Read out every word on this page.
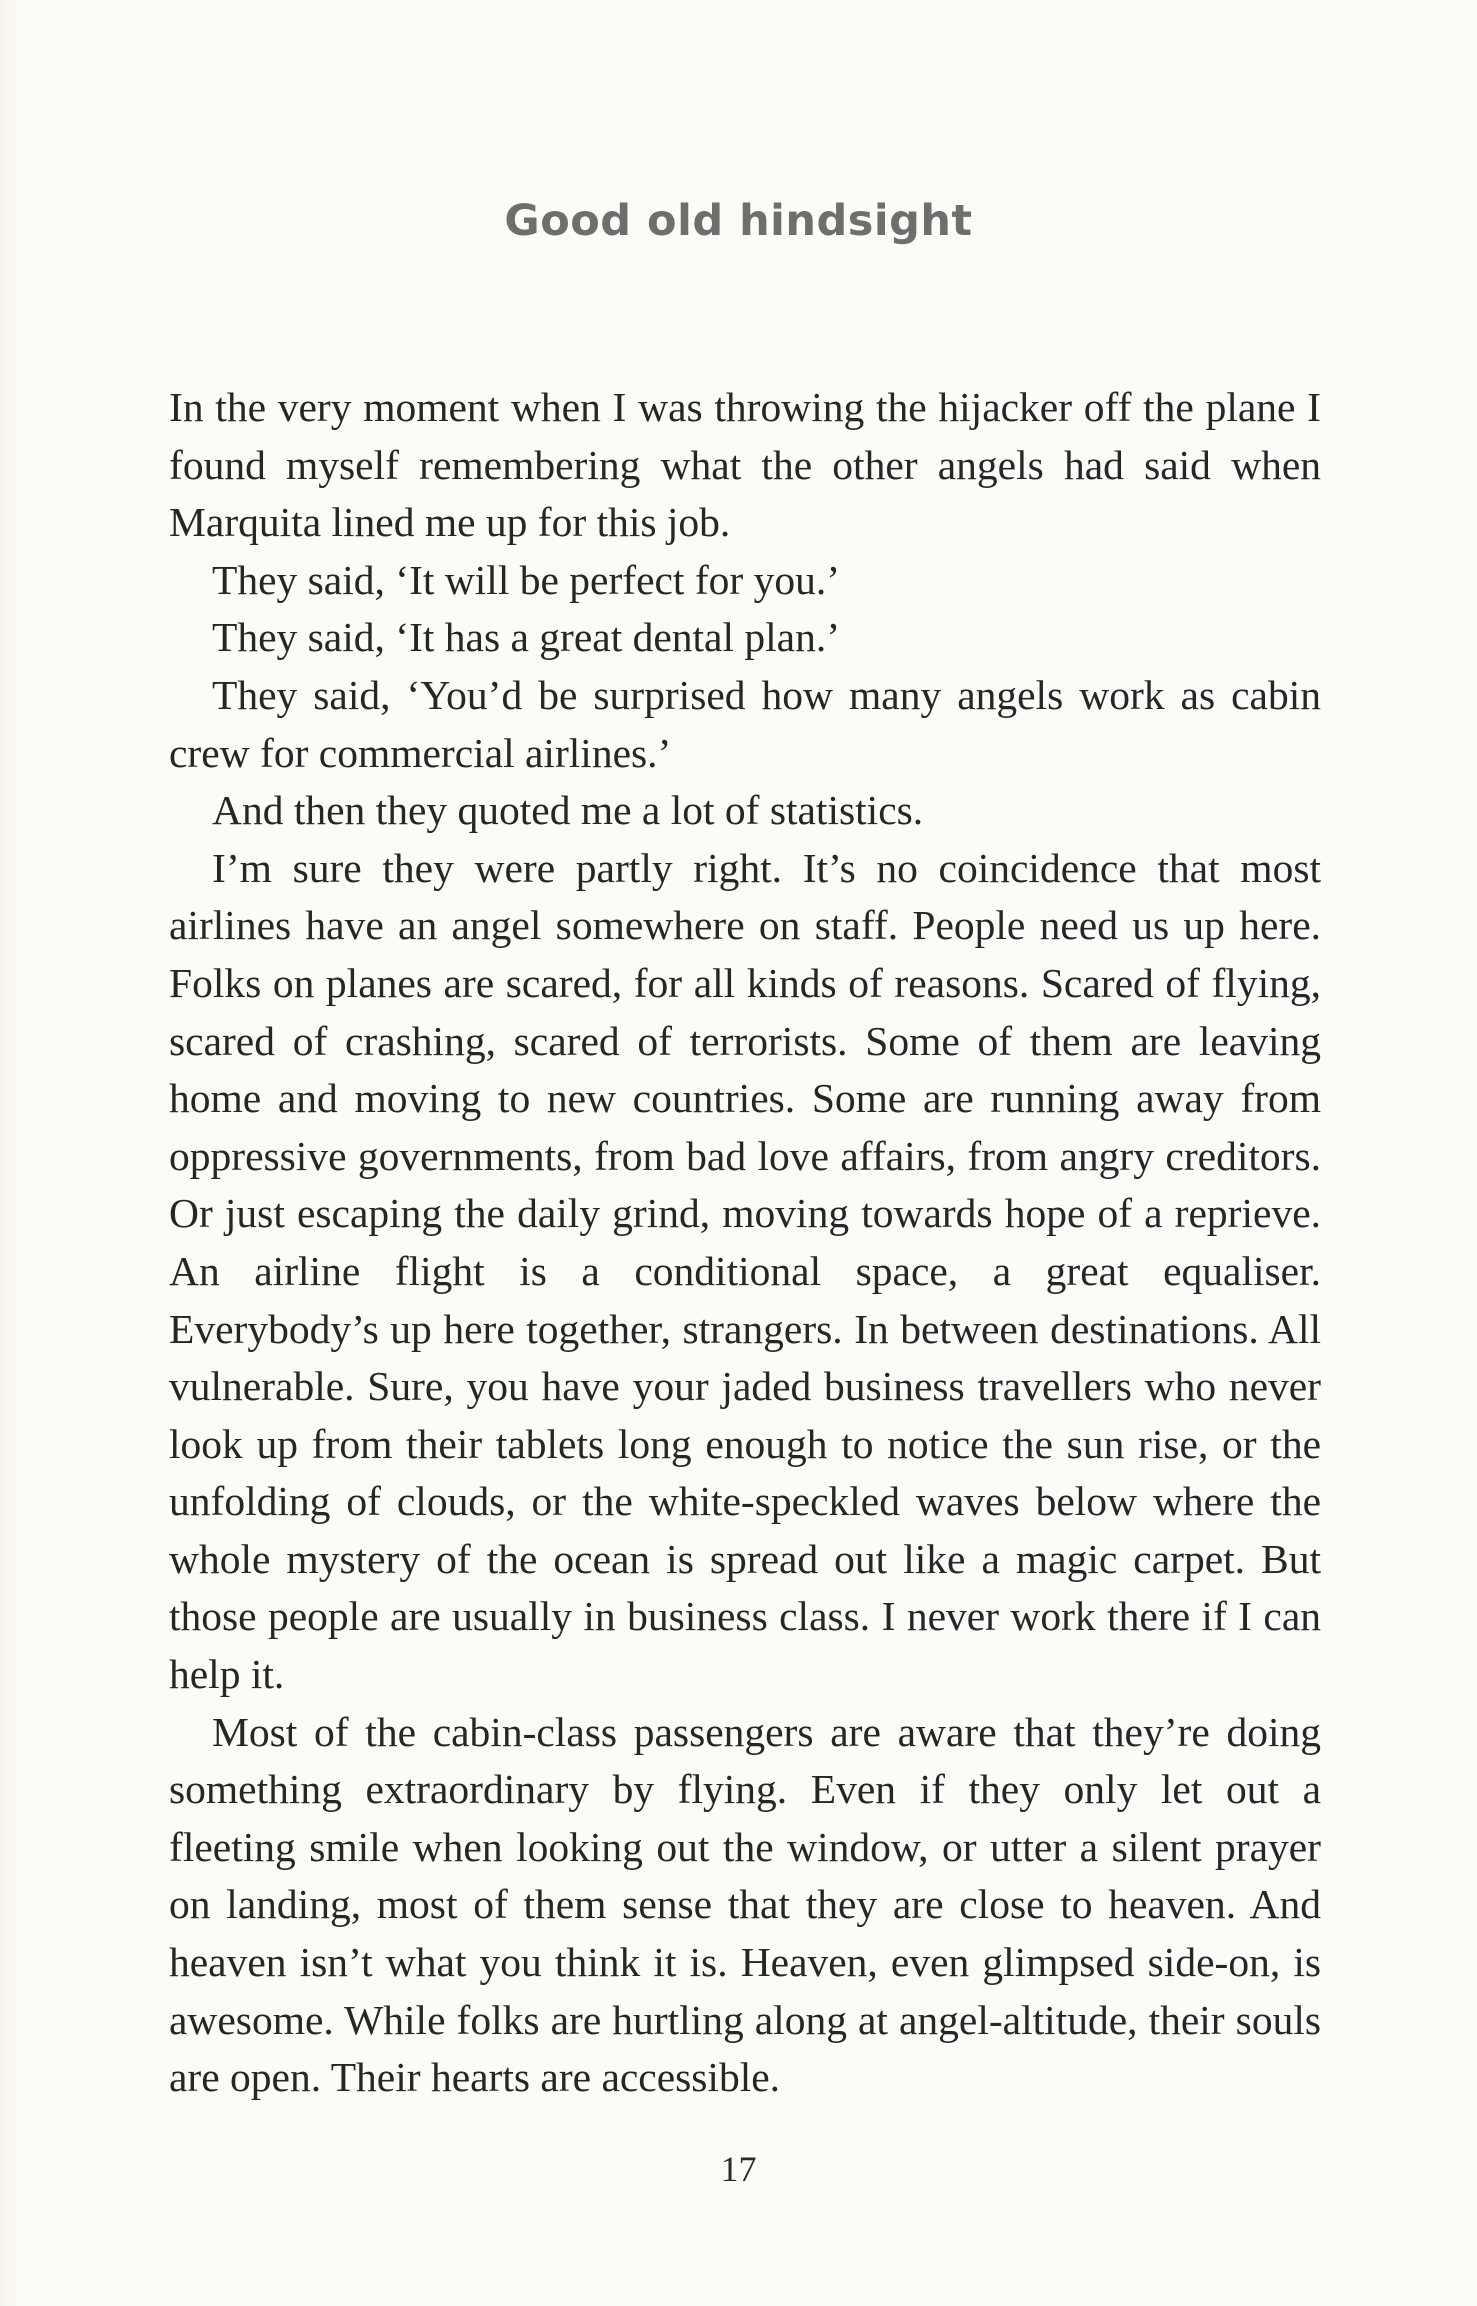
Good old hindsight

In the very moment when I was throwing the hijacker off the plane I found myself remembering what the other angels had said when Marquita lined me up for this job.

They said, ‘It will be perfect for you.’

They said, ‘It has a great dental plan.’

They said, ‘You’d be surprised how many angels work as cabin crew for commercial airlines.’

And then they quoted me a lot of statistics.

I’m sure they were partly right. It’s no coincidence that most airlines have an angel somewhere on staff. People need us up here. Folks on planes are scared, for all kinds of reasons. Scared of flying, scared of crashing, scared of terrorists. Some of them are leaving home and moving to new countries. Some are running away from oppressive governments, from bad love affairs, from angry creditors. Or just escaping the daily grind, moving towards hope of a reprieve. An airline flight is a conditional space, a great equaliser. Everybody’s up here together, strangers. In between destinations. All vulnerable. Sure, you have your jaded business travellers who never look up from their tablets long enough to notice the sun rise, or the unfolding of clouds, or the white-speckled waves below where the whole mystery of the ocean is spread out like a magic carpet. But those people are usually in business class. I never work there if I can help it.

Most of the cabin-class passengers are aware that they’re doing something extraordinary by flying. Even if they only let out a fleeting smile when looking out the window, or utter a silent prayer on landing, most of them sense that they are close to heaven. And heaven isn’t what you think it is. Heaven, even glimpsed side-on, is awesome. While folks are hurtling along at angel-altitude, their souls are open. Their hearts are accessible.

17
